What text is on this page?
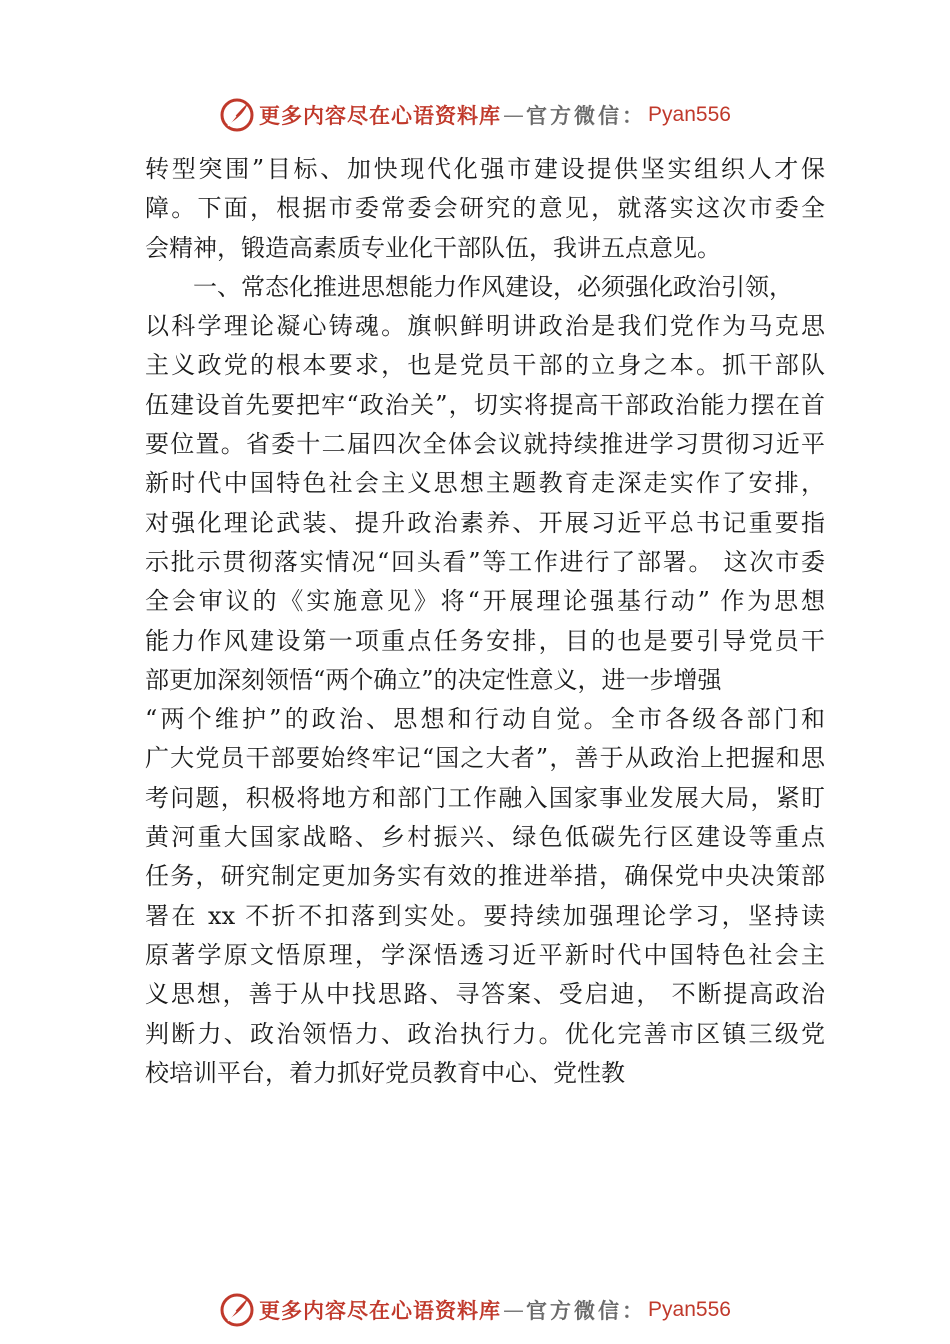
更多内容尽在心语资料库 — 官方微信： Pyan556
转型突围”目标、加快现代化强市建设提供坚实组织人才保
障。下面，根据市委常委会研究的意见，就落实这次市委全
会精神，锻造高素质专业化干部队伍，我讲五点意见。
　　一、常态化推进思想能力作风建设，必须强化政治引领，
以科学理论凝心铸魂。旗帜鲜明讲政治是我们党作为马克思
主义政党的根本要求，也是党员干部的立身之本。抓干部队
伍建设首先要把牢“政治关”，切实将提高干部政治能力摆在首
要位置。省委十二届四次全体会议就持续推进学习贯彻习近平
新时代中国特色社会主义思想主题教育走深走实作了安排，
对强化理论武装、提升政治素养、开展习近平总书记重要指
示批示贯彻落实情况“回头看”等工作进行了部署。 这次市委
全会审议的《实施意见》将“开展理论强基行动” 作为思想
能力作风建设第一项重点任务安排，目的也是要引导党员干
部更加深刻领悟“两个确立”的决定性意义，进一步增强
“两个维护”的政治、思想和行动自觉。全市各级各部门和
广大党员干部要始终牢记“国之大者”，善于从政治上把握和思
考问题，积极将地方和部门工作融入国家事业发展大局，紧盯
黄河重大国家战略、乡村振兴、绿色低碳先行区建设等重点
任务，研究制定更加务实有效的推进举措，确保党中央决策部
署在 xx 不折不扣落到实处。要持续加强理论学习，坚持读
原著学原文悟原理，学深悟透习近平新时代中国特色社会主
义思想，善于从中找思路、寻答案、受启迪， 不断提高政治
判断力、政治领悟力、政治执行力。优化完善市区镇三级党
校培训平台，着力抓好党员教育中心、党性教
更多内容尽在心语资料库 — 官方微信： Pyan556
